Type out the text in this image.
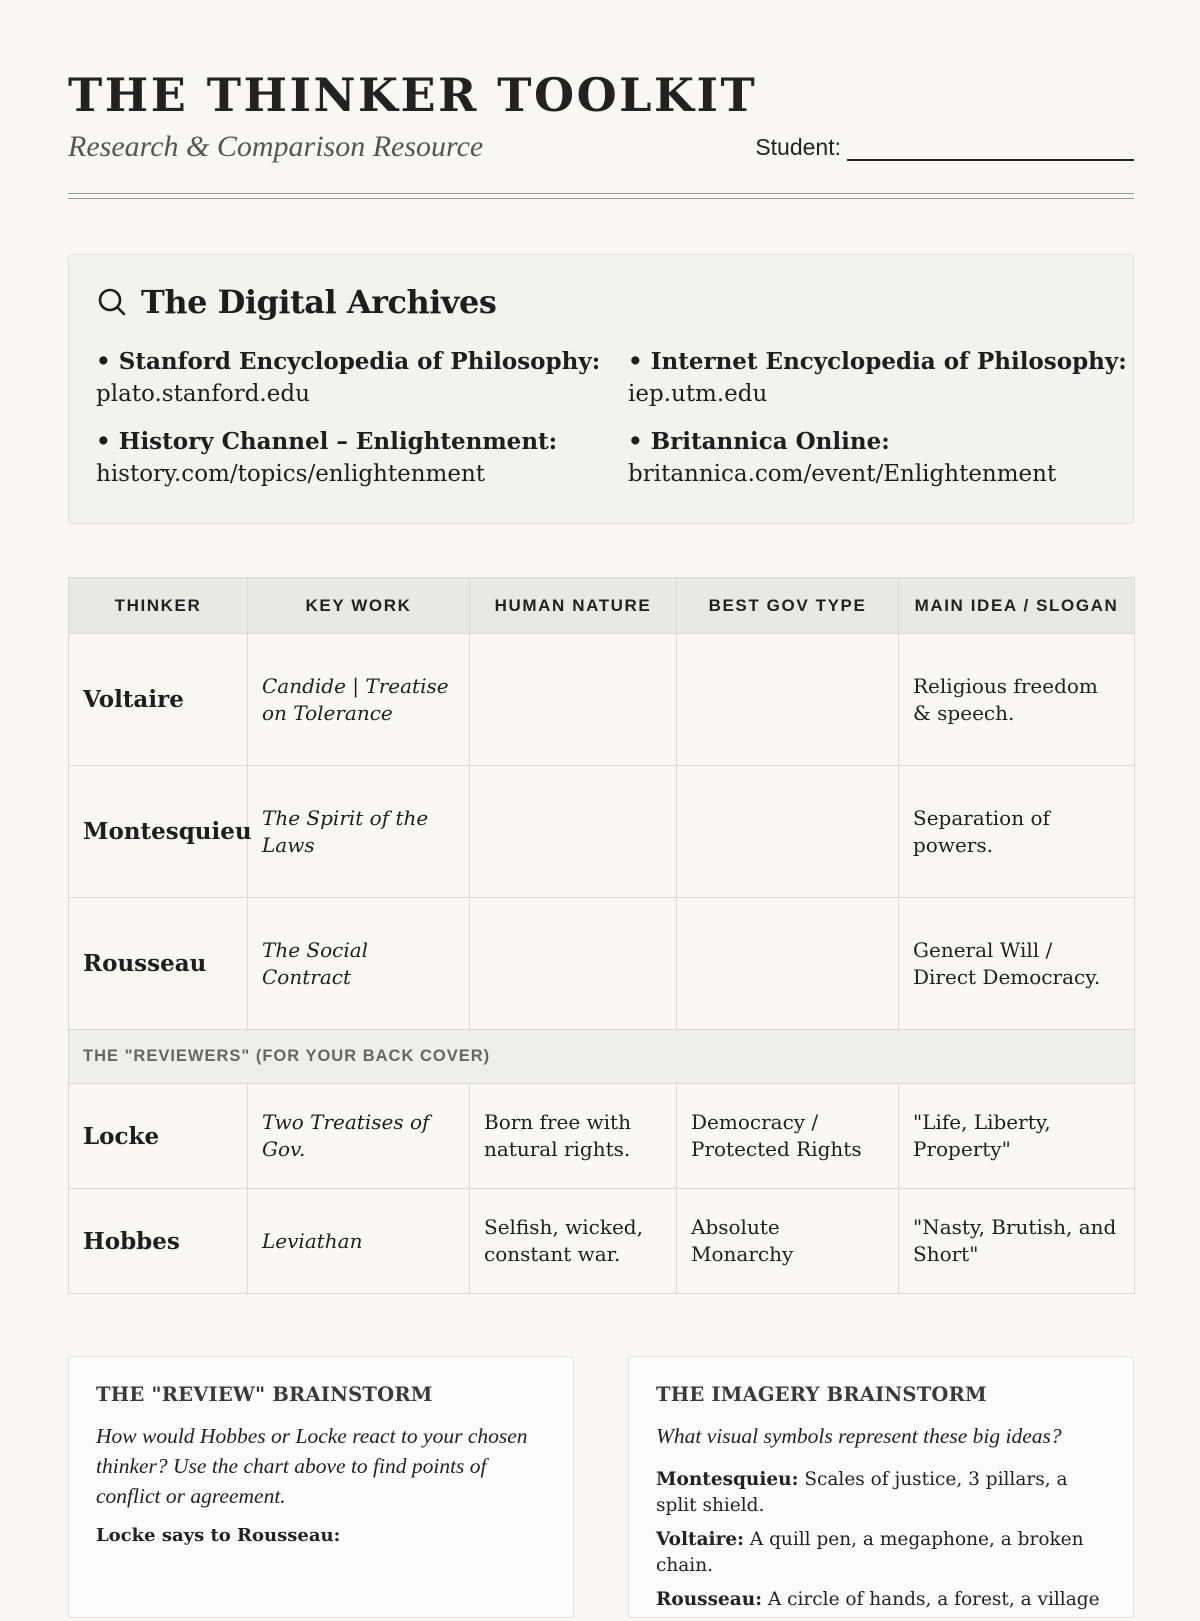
THE THINKER TOOLKIT
Research & Comparison Resource	Student:
The Digital Archives
• Stanford Encyclopedia of Philosophy:
plato.stanford.edu
• Internet Encyclopedia of Philosophy:
iep.utm.edu
• History Channel – Enlightenment:
history.com/topics/enlightenment
• Britannica Online:
britannica.com/event/Enlightenment
THINKER	KEY WORK	HUMAN NATURE	BEST GOV TYPE	MAIN IDEA / SLOGAN
Voltaire	Candide | Treatise on Tolerance			Religious freedom & speech.
Montesquieu	The Spirit of the Laws			Separation of powers.
Rousseau	The Social Contract			General Will / Direct Democracy.
THE "REVIEWERS" (FOR YOUR BACK COVER)				
Locke	Two Treatises of Gov.	Born free with natural rights.	Democracy / Protected Rights	"Life, Liberty, Property"
Hobbes	Leviathan	Selfish, wicked, constant war.	Absolute Monarchy	"Nasty, Brutish, and Short"
THE "REVIEW" BRAINSTORM
How would Hobbes or Locke react to your chosen thinker? Use the chart above to find points of conflict or agreement.
Locke says to Rousseau:
THE IMAGERY BRAINSTORM
What visual symbols represent these big ideas?

Montesquieu: Scales of justice, 3 pillars, a split shield.

Voltaire: A quill pen, a megaphone, a broken chain.

Rousseau: A circle of hands, a forest, a village
